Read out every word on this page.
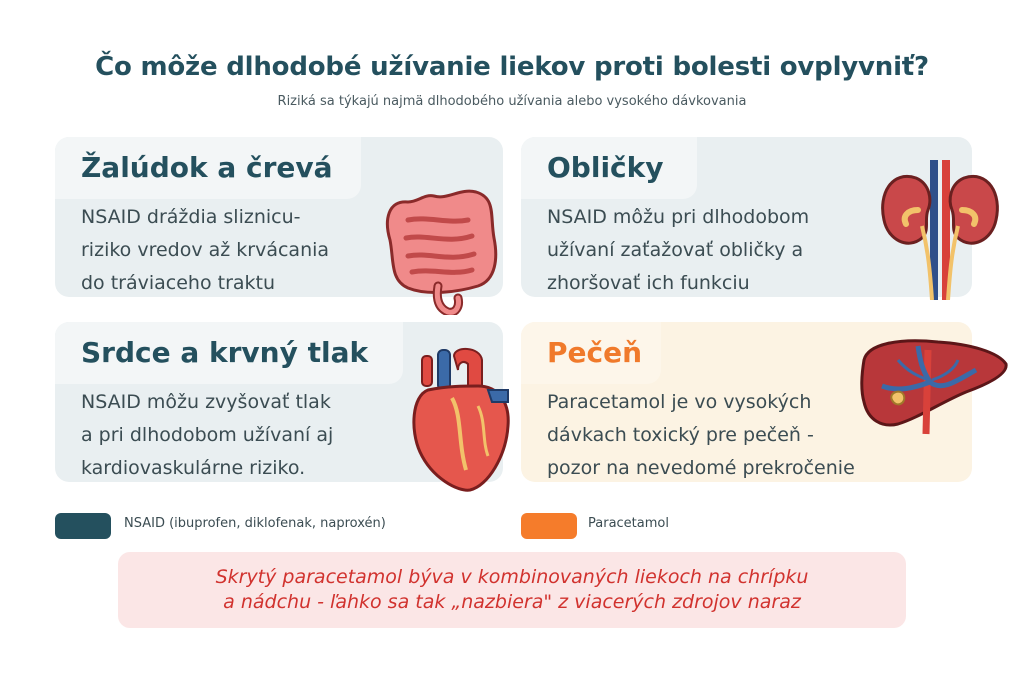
Čo môže dlhodobé užívanie liekov proti bolesti ovplyvniť?
Riziká sa týkajú najmä dlhodobého užívania alebo vysokého dávkovania
Žalúdok a črevá

NSAID dráždia sliznicu-
riziko vredov až krvácania
do tráviaceho traktu

Obličky

NSAID môžu pri dlhodobom
užívaní zaťažovať obličky a
zhoršovať ich funkciu

Srdce a krvný tlak

NSAID môžu zvyšovať tlak
a pri dlhodobom užívaní aj
kardiovaskulárne riziko.

Pečeň

Paracetamol je vo vysokých
dávkach toxický pre pečeň -
pozor na nevedomé prekročenie

NSAID (ibuprofen, diklofenak, naproxén)	Paracetamol
Skrytý paracetamol býva v kombinovaných liekoch na chrípku
a nádchu - ľahko sa tak „nazbiera" z viacerých zdrojov naraz
